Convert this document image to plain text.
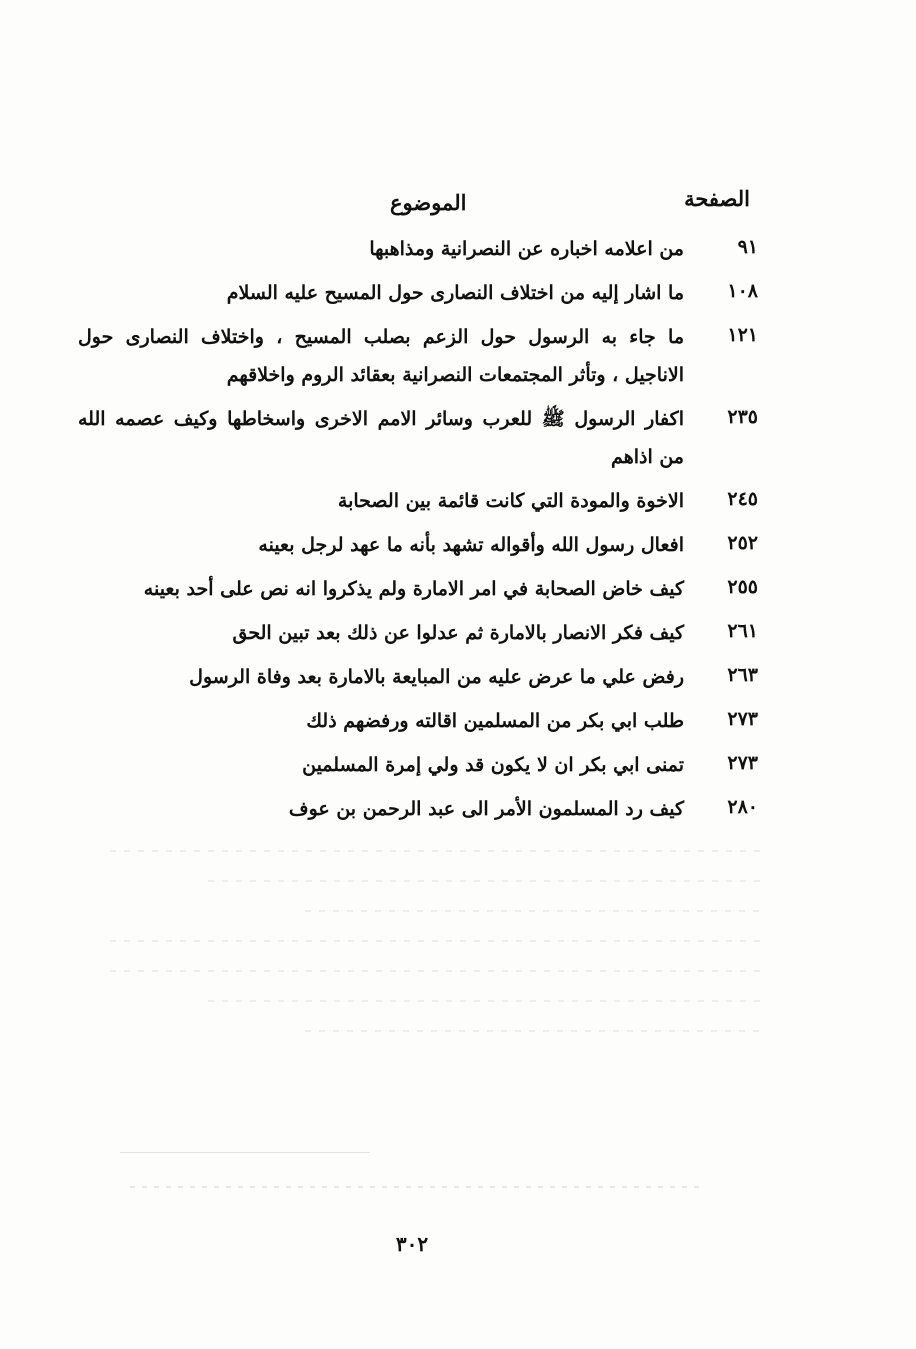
الصفحة
الموضوع
٩١
من اعلامه اخباره عن النصرانية ومذاهبها
١٠٨
ما اشار إليه من اختلاف النصارى حول المسيح عليه السلام
١٢١
ما جاء به الرسول حول الزعم بصلب المسيح ، واختلاف النصارى حول الاناجيل ، وتأثر المجتمعات النصرانية بعقائد الروم واخلاقهم
٢٣٥
اكفار الرسول ﷺ للعرب وسائر الامم الاخرى واسخاطها وكيف عصمه الله من اذاهم
٢٤٥
الاخوة والمودة التي كانت قائمة بين الصحابة
٢٥٢
افعال رسول الله وأقواله تشهد بأنه ما عهد لرجل بعينه
٢٥٥
كيف خاض الصحابة في امر الامارة ولم يذكروا انه نص على أحد بعينه
٢٦١
كيف فكر الانصار بالامارة ثم عدلوا عن ذلك بعد تبين الحق
٢٦٣
رفض علي ما عرض عليه من المبايعة بالامارة بعد وفاة الرسول
٢٧٣
طلب ابي بكر من المسلمين اقالته ورفضهم ذلك
٢٧٣
تمنى ابي بكر ان لا يكون قد ولي إمرة المسلمين
٢٨٠
كيف رد المسلمون الأمر الى عبد الرحمن بن عوف
٣٠٢
